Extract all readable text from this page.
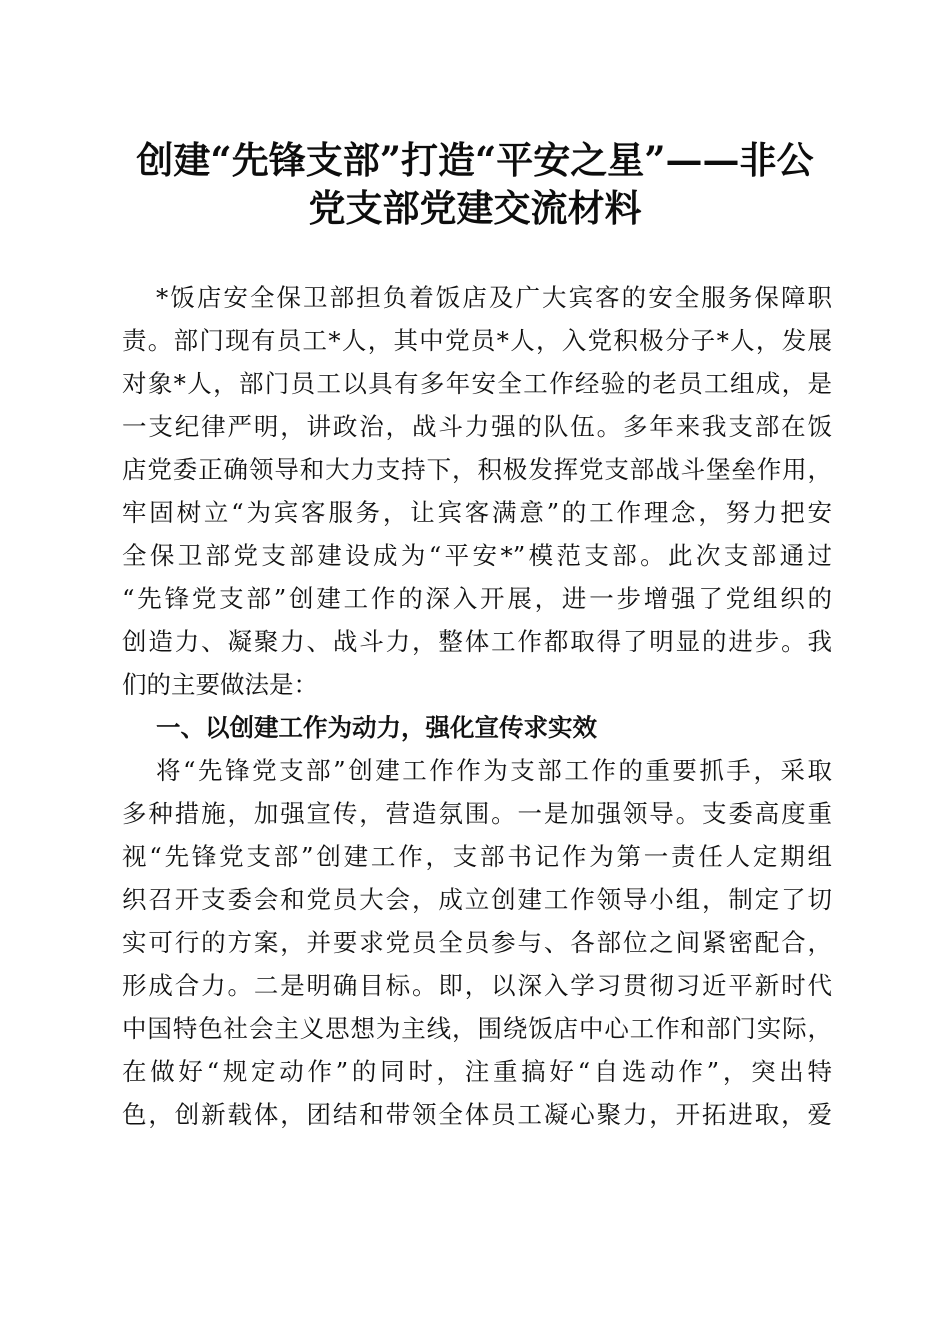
创建“先锋支部”打造“平安之星”——非公
党支部党建交流材料
*饭店安全保卫部担负着饭店及广大宾客的安全服务保障职
责。部门现有员工*人，其中党员*人，入党积极分子*人，发展
对象*人，部门员工以具有多年安全工作经验的老员工组成，是
一支纪律严明，讲政治，战斗力强的队伍。多年来我支部在饭
店党委正确领导和大力支持下，积极发挥党支部战斗堡垒作用，
牢固树立“为宾客服务，让宾客满意”的工作理念，努力把安
全保卫部党支部建设成为“平安*”模范支部。此次支部通过
“先锋党支部”创建工作的深入开展，进一步增强了党组织的
创造力、凝聚力、战斗力，整体工作都取得了明显的进步。我
们的主要做法是：
一、以创建工作为动力，强化宣传求实效
将“先锋党支部”创建工作作为支部工作的重要抓手，采取
多种措施，加强宣传，营造氛围。一是加强领导。支委高度重
视“先锋党支部”创建工作，支部书记作为第一责任人定期组
织召开支委会和党员大会，成立创建工作领导小组，制定了切
实可行的方案，并要求党员全员参与、各部位之间紧密配合，
形成合力。二是明确目标。即，以深入学习贯彻习近平新时代
中国特色社会主义思想为主线，围绕饭店中心工作和部门实际，
在做好“规定动作”的同时，注重搞好“自选动作”，突出特
色，创新载体，团结和带领全体员工凝心聚力，开拓进取，爱
